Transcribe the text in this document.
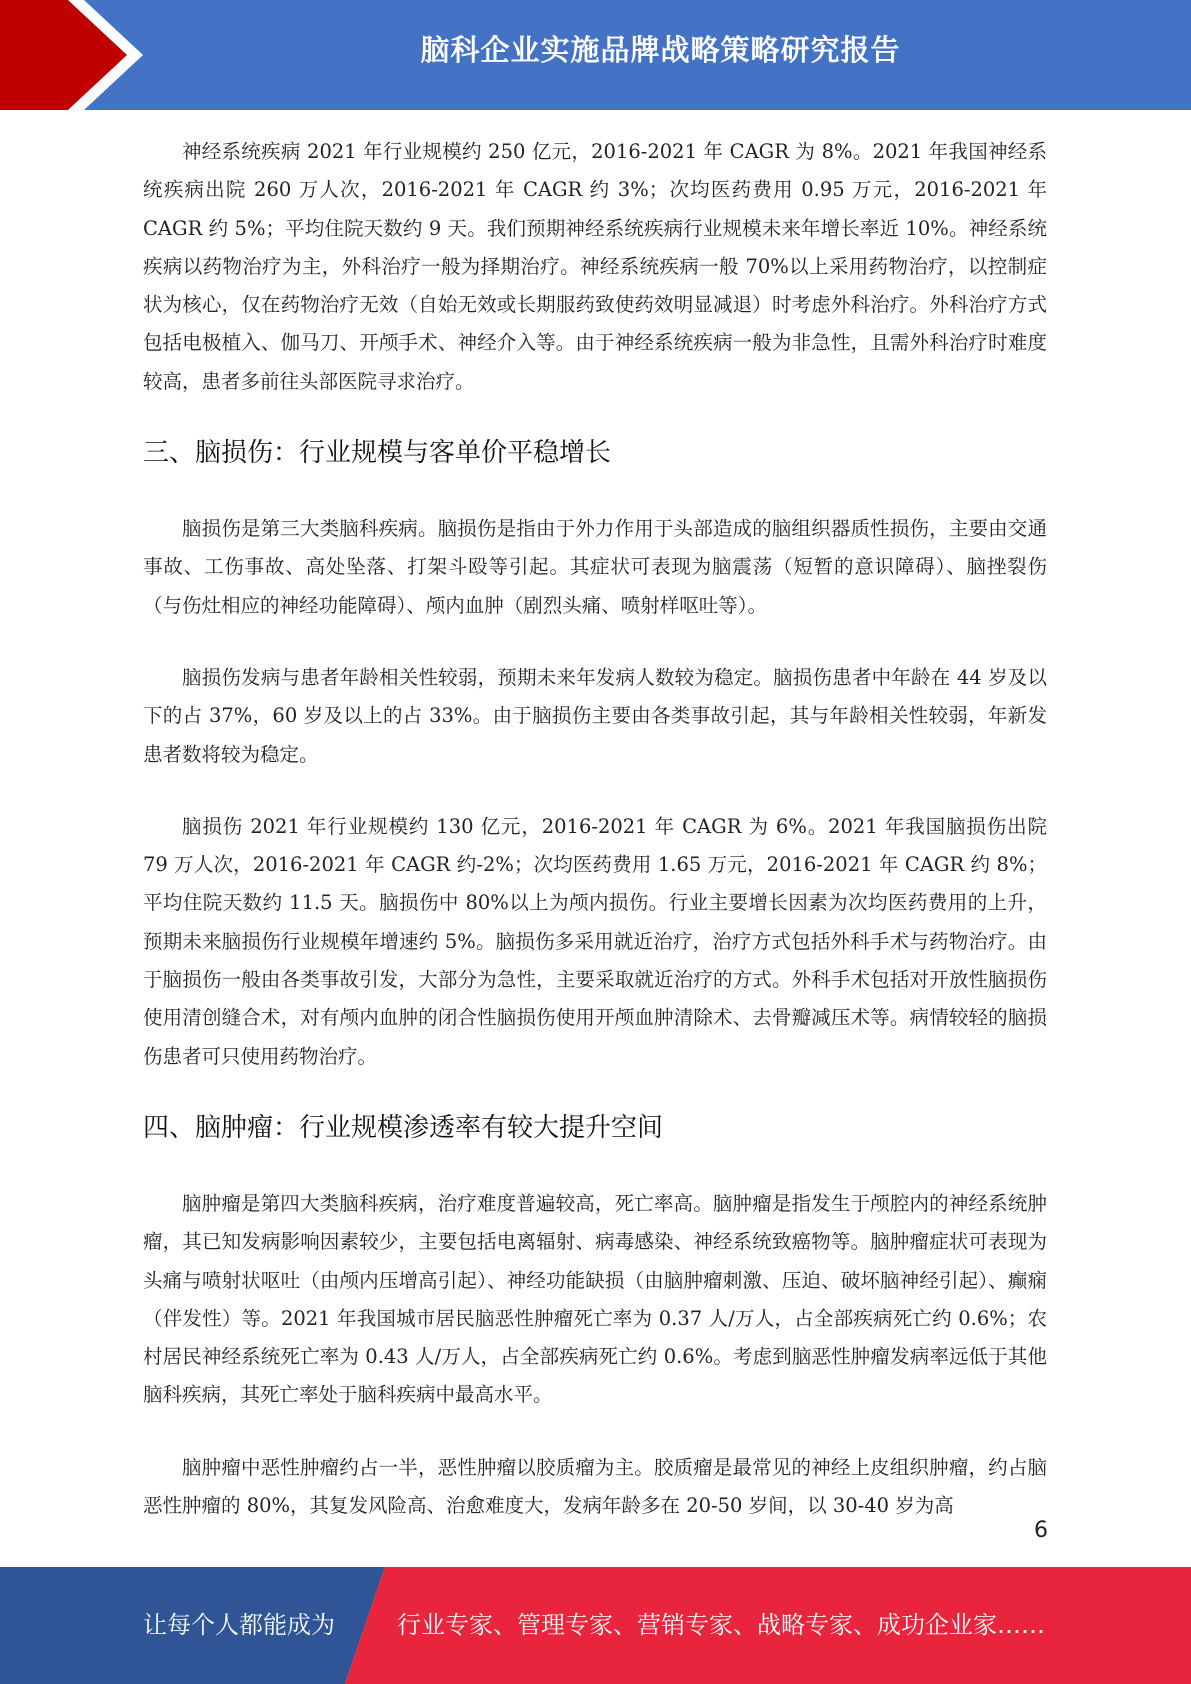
脑科企业实施品牌战略策略研究报告

神经系统疾病 2021 年行业规模约 250 亿元，2016-2021 年 CAGR 为 8%。2021 年我国神经系统疾病出院 260 万人次，2016-2021 年 CAGR 约 3%；次均医药费用 0.95 万元，2016-2021 年 CAGR 约 5%；平均住院天数约 9 天。我们预期神经系统疾病行业规模未来年增长率近 10%。神经系统疾病以药物治疗为主，外科治疗一般为择期治疗。神经系统疾病一般 70%以上采用药物治疗，以控制症状为核心，仅在药物治疗无效（自始无效或长期服药致使药效明显减退）时考虑外科治疗。外科治疗方式包括电极植入、伽马刀、开颅手术、神经介入等。由于神经系统疾病一般为非急性，且需外科治疗时难度较高，患者多前往头部医院寻求治疗。

三、脑损伤：行业规模与客单价平稳增长

脑损伤是第三大类脑科疾病。脑损伤是指由于外力作用于头部造成的脑组织器质性损伤，主要由交通事故、工伤事故、高处坠落、打架斗殴等引起。其症状可表现为脑震荡（短暂的意识障碍）、脑挫裂伤（与伤灶相应的神经功能障碍）、颅内血肿（剧烈头痛、喷射样呕吐等）。

脑损伤发病与患者年龄相关性较弱，预期未来年发病人数较为稳定。脑损伤患者中年龄在 44 岁及以下的占 37%，60 岁及以上的占 33%。由于脑损伤主要由各类事故引起，其与年龄相关性较弱，年新发患者数将较为稳定。

脑损伤 2021 年行业规模约 130 亿元，2016-2021 年 CAGR 为 6%。2021 年我国脑损伤出院 79 万人次，2016-2021 年 CAGR 约-2%；次均医药费用 1.65 万元，2016-2021 年 CAGR 约 8%；平均住院天数约 11.5 天。脑损伤中 80%以上为颅内损伤。行业主要增长因素为次均医药费用的上升，预期未来脑损伤行业规模年增速约 5%。脑损伤多采用就近治疗，治疗方式包括外科手术与药物治疗。由于脑损伤一般由各类事故引发，大部分为急性，主要采取就近治疗的方式。外科手术包括对开放性脑损伤使用清创缝合术，对有颅内血肿的闭合性脑损伤使用开颅血肿清除术、去骨瓣减压术等。病情较轻的脑损伤患者可只使用药物治疗。

四、脑肿瘤：行业规模渗透率有较大提升空间

脑肿瘤是第四大类脑科疾病，治疗难度普遍较高，死亡率高。脑肿瘤是指发生于颅腔内的神经系统肿瘤，其已知发病影响因素较少，主要包括电离辐射、病毒感染、神经系统致癌物等。脑肿瘤症状可表现为头痛与喷射状呕吐（由颅内压增高引起）、神经功能缺损（由脑肿瘤刺激、压迫、破坏脑神经引起）、癫痫（伴发性）等。2021 年我国城市居民脑恶性肿瘤死亡率为 0.37 人/万人，占全部疾病死亡约 0.6%；农村居民神经系统死亡率为 0.43 人/万人，占全部疾病死亡约 0.6%。考虑到脑恶性肿瘤发病率远低于其他脑科疾病，其死亡率处于脑科疾病中最高水平。

脑肿瘤中恶性肿瘤约占一半，恶性肿瘤以胶质瘤为主。胶质瘤是最常见的神经上皮组织肿瘤，约占脑恶性肿瘤的 80%，其复发风险高、治愈难度大，发病年龄多在 20-50 岁间，以 30-40 岁为高

6
让每个人都能成为	行业专家、管理专家、营销专家、战略专家、成功企业家……
